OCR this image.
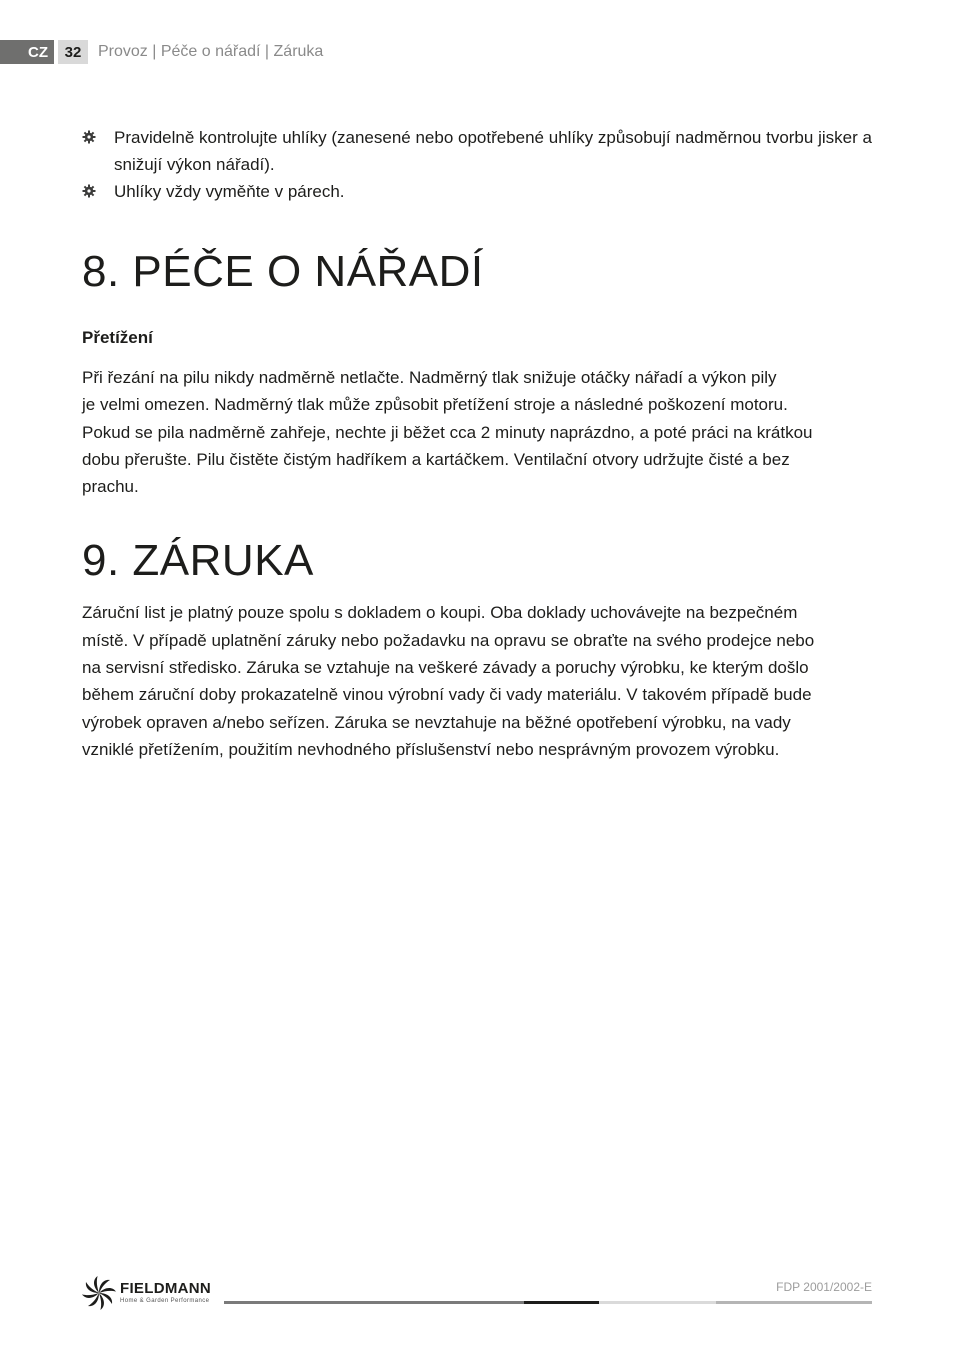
CZ	32	Provoz | Péče o nářadí | Záruka
Pravidelně kontrolujte uhlíky (zanesené nebo opotřebené uhlíky způsobují nadměrnou tvorbu jisker a snižují výkon nářadí).
Uhlíky vždy vyměňte v párech.
8. PÉČE O NÁŘADÍ
Přetížení

Při řezání na pilu nikdy nadměrně netlačte. Nadměrný tlak snižuje otáčky nářadí a výkon pily
je velmi omezen. Nadměrný tlak může způsobit přetížení stroje a následné poškození motoru.
Pokud se pila nadměrně zahřeje, nechte ji běžet cca 2 minuty naprázdno, a poté práci na krátkou
dobu přerušte. Pilu čistěte čistým hadříkem a kartáčkem. Ventilační otvory udržujte čisté a bez
prachu.

9. ZÁRUKA

Záruční list je platný pouze spolu s dokladem o koupi. Oba doklady uchovávejte na bezpečném
místě. V případě uplatnění záruky nebo požadavku na opravu se obraťte na svého prodejce nebo
na servisní středisko. Záruka se vztahuje na veškeré závady a poruchy výrobku, ke kterým došlo
během záruční doby prokazatelně vinou výrobní vady či vady materiálu. V takovém případě bude
výrobek opraven a/nebo seřízen. Záruka se nevztahuje na běžné opotřebení výrobku, na vady
vzniklé přetížením, použitím nevhodného příslušenství nebo nesprávným provozem výrobku.

FIELDMANN
Home & Garden Performance
FDP 2001/2002-E
